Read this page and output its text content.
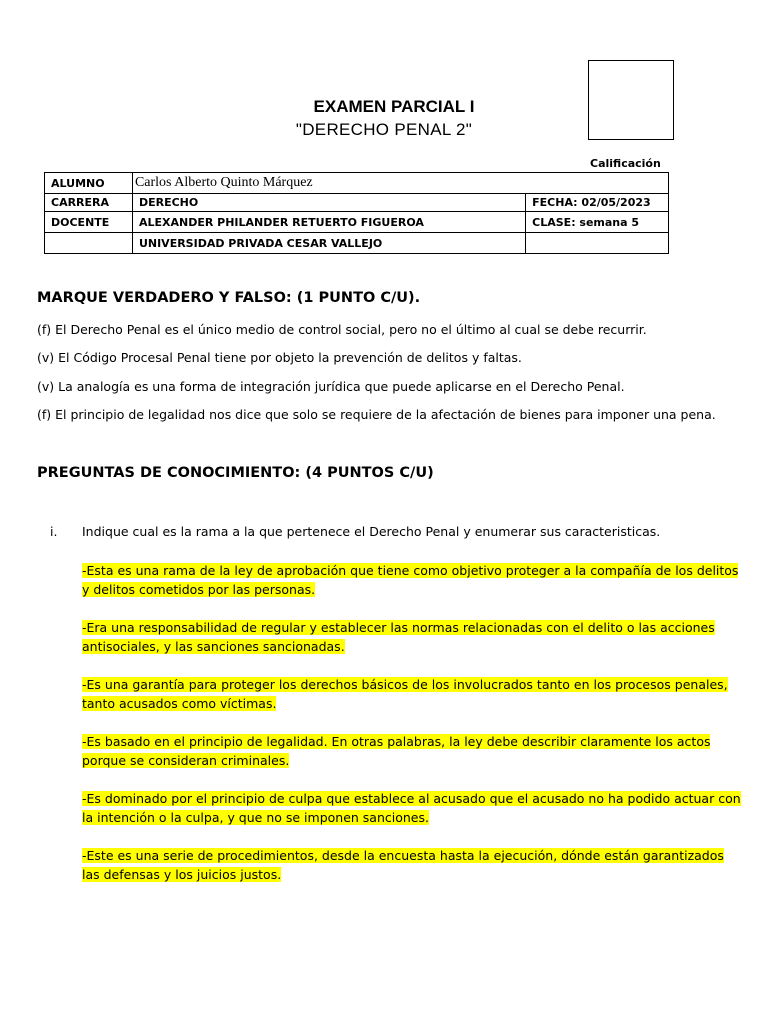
EXAMEN PARCIAL I
"DERECHO PENAL 2"
Calificación
ALUMNO	Carlos Alberto Quinto Márquez	
CARRERA	DERECHO	FECHA: 02/05/2023
DOCENTE	ALEXANDER PHILANDER RETUERTO FIGUEROA	CLASE: semana 5
	UNIVERSIDAD PRIVADA CESAR VALLEJO	
MARQUE VERDADERO Y FALSO: (1 PUNTO C/U).
(f) El Derecho Penal es el único medio de control social, pero no el último al cual se debe recurrir.
(v) El Código Procesal Penal tiene por objeto la prevención de delitos y faltas.
(v) La analogía es una forma de integración jurídica que puede aplicarse en el Derecho Penal.
(f) El principio de legalidad nos dice que solo se requiere de la afectación de bienes para imponer una pena.
PREGUNTAS DE CONOCIMIENTO: (4 PUNTOS C/U)
i. Indique cual es la rama a la que pertenece el Derecho Penal y enumerar sus caracteristicas.
-Esta es una rama de la ley de aprobación que tiene como objetivo proteger a la compañía de los delitos y delitos cometidos por las personas.
-Era una responsabilidad de regular y establecer las normas relacionadas con el delito o las acciones antisociales, y las sanciones sancionadas.
-Es una garantía para proteger los derechos básicos de los involucrados tanto en los procesos penales, tanto acusados como víctimas.
-Es basado en el principio de legalidad. En otras palabras, la ley debe describir claramente los actos porque se consideran criminales.
-Es dominado por el principio de culpa que establece al acusado que el acusado no ha podido actuar con la intención o la culpa, y que no se imponen sanciones.
-Este es una serie de procedimientos, desde la encuesta hasta la ejecución, dónde están garantizados las defensas y los juicios justos.
